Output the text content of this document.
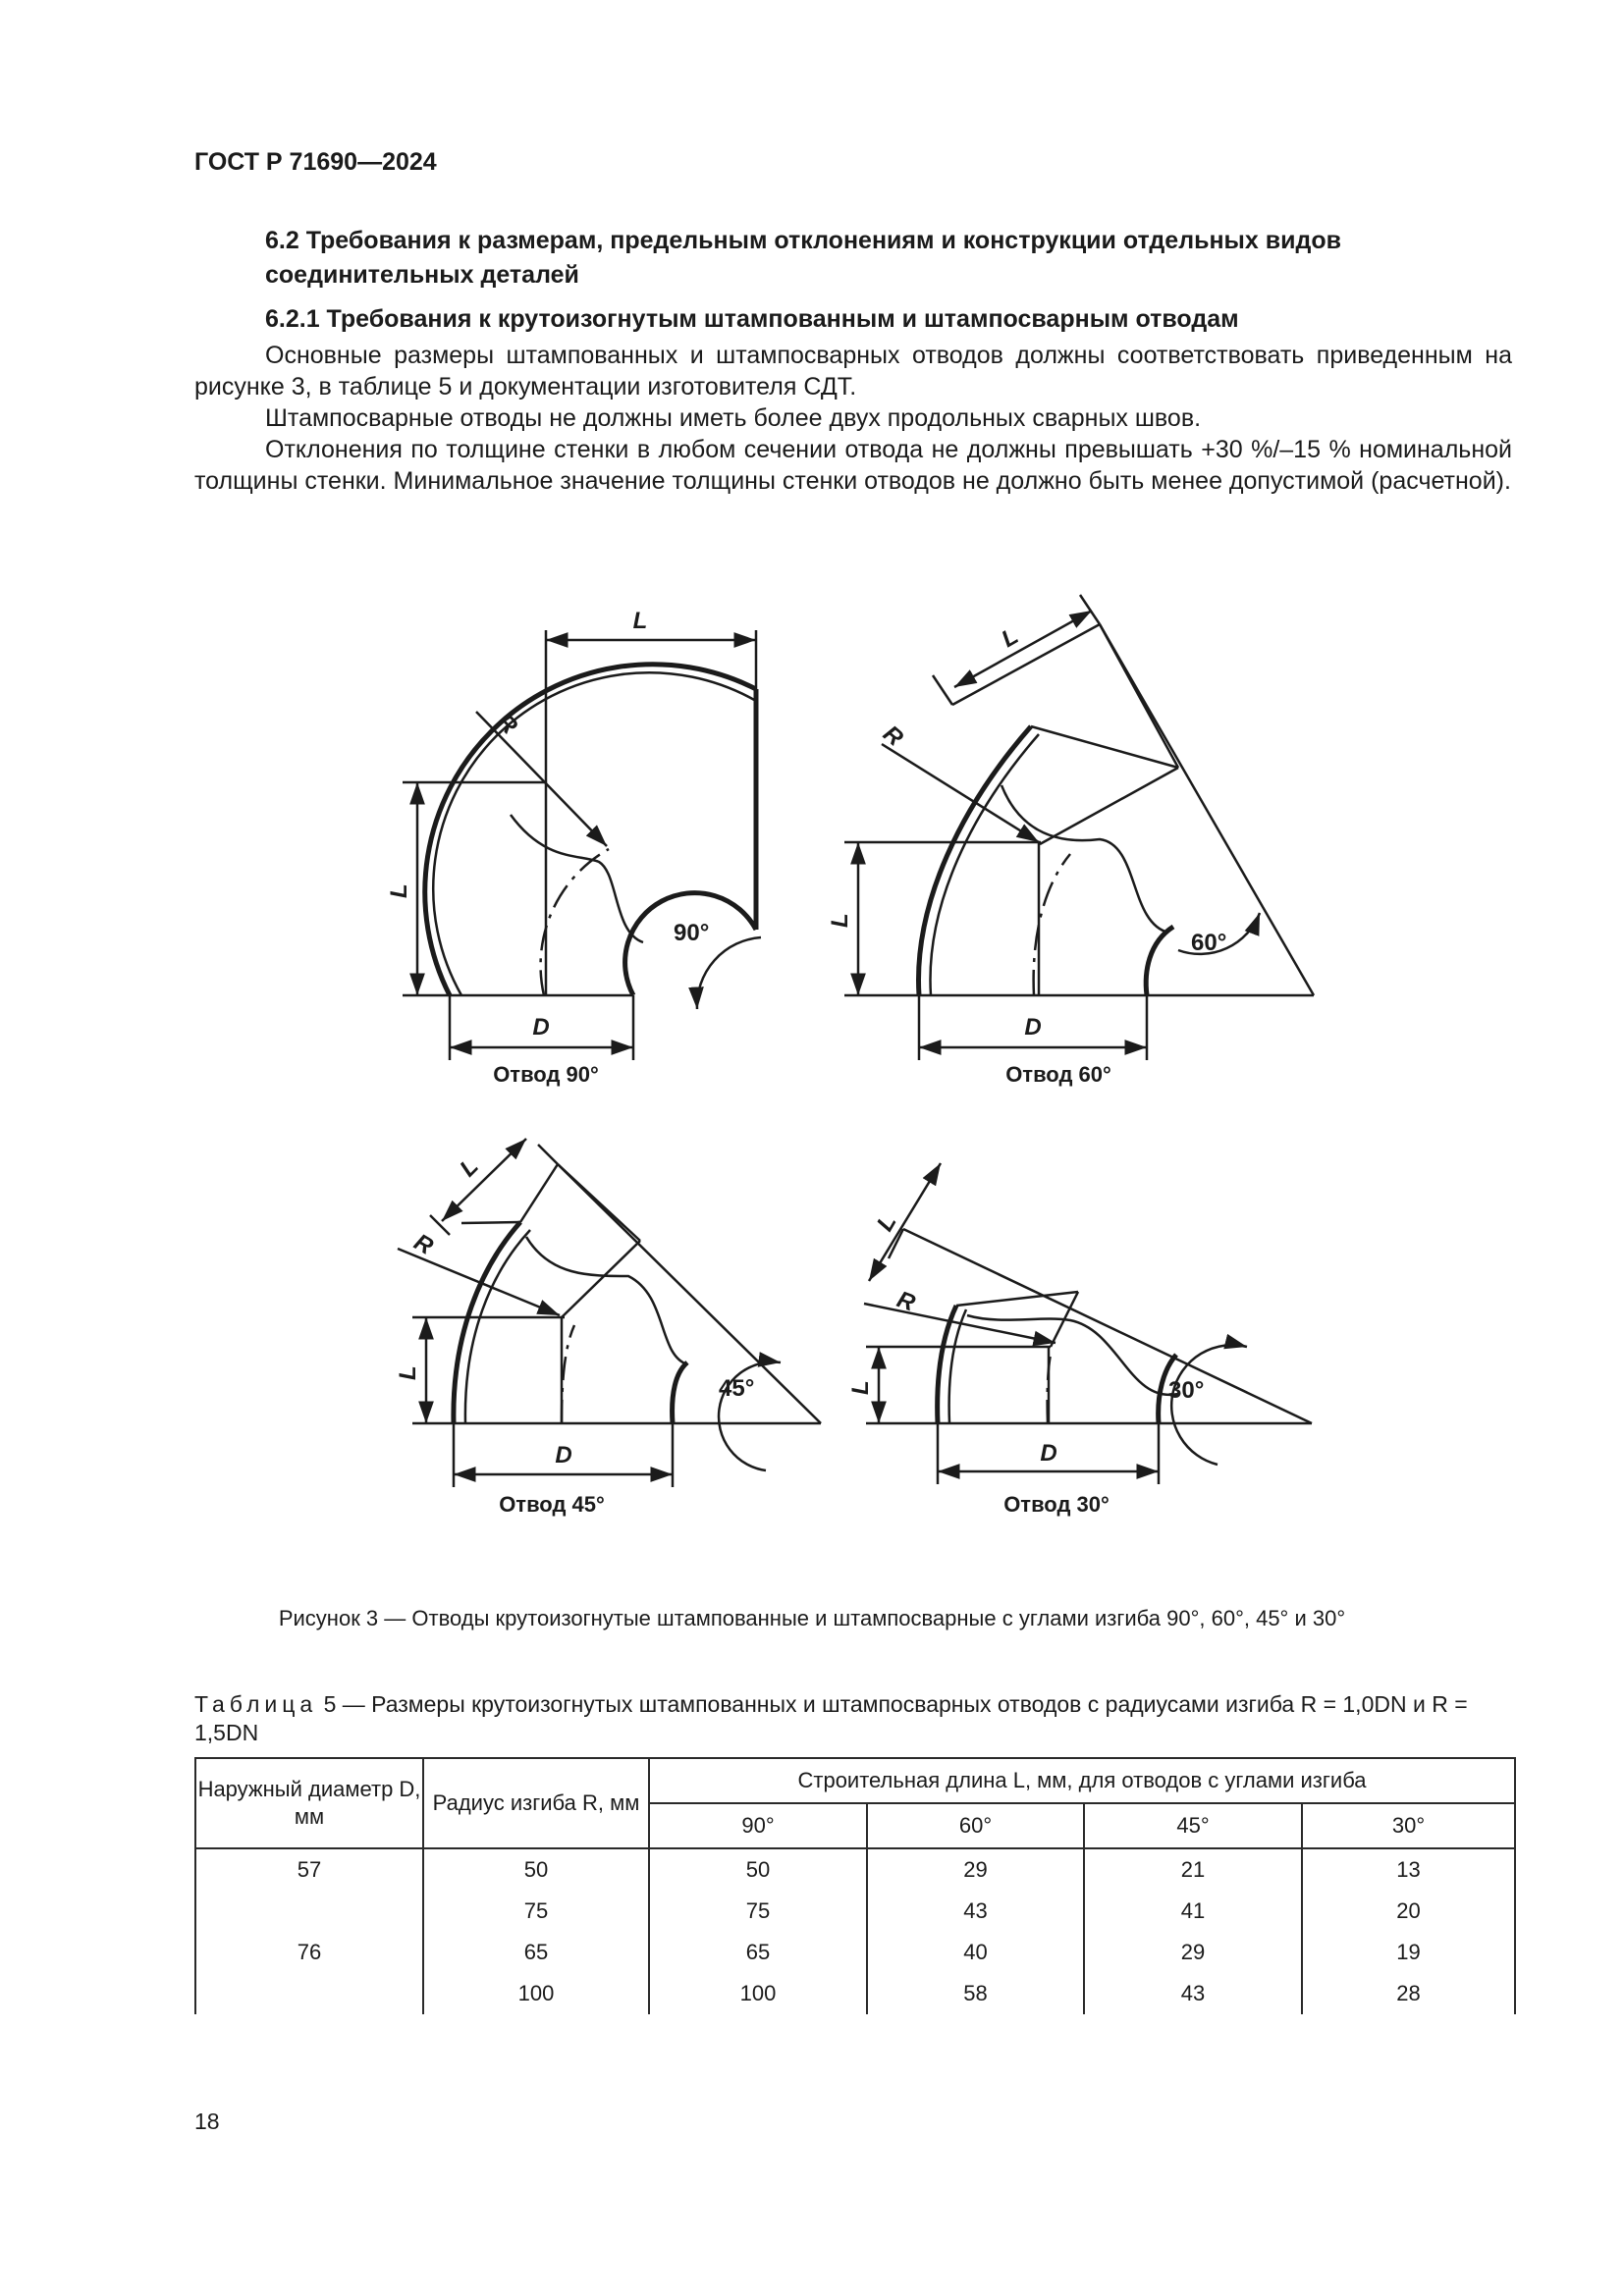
ГОСТ Р 71690—2024
6.2 Требования к размерам, предельным отклонениям и конструкции отдельных видов соединительных деталей
6.2.1 Требования к крутоизогнутым штампованным и штампосварным отводам
Основные размеры штампованных и штампосварных отводов должны соответствовать приведенным на рисунке 3, в таблице 5 и документации изготовителя СДТ.
Штампосварные отводы не должны иметь более двух продольных сварных швов.
Отклонения по толщине стенки в любом сечении отвода не должны превышать +30 %/–15 % номинальной толщины стенки. Минимальное значение толщины стенки отводов не должно быть менее допустимой (расчетной).
L
R
L
D
90°
L
R
L
D
60°
L
R
L
D
45°
L
R
L
D
30°
Отвод 90°	Отвод 60°
Отвод 45°	Отвод 30°
Рисунок 3 — Отводы крутоизогнутые штампованные и штампосварные с углами изгиба 90°, 60°, 45° и 30°
Таблица 5 — Размеры крутоизогнутых штампованных и штампосварных отводов с радиусами изгиба R = 1,0DN и R = 1,5DN
Наружный диаметр D, мм	Радиус изгиба R, мм	Строительная длина L, мм, для отводов с углами изгиба			
		90°	60°	45°	30°
57	50	50	29	21	13
	75	75	43	41	20
76	65	65	40	29	19
	100	100	58	43	28
18
